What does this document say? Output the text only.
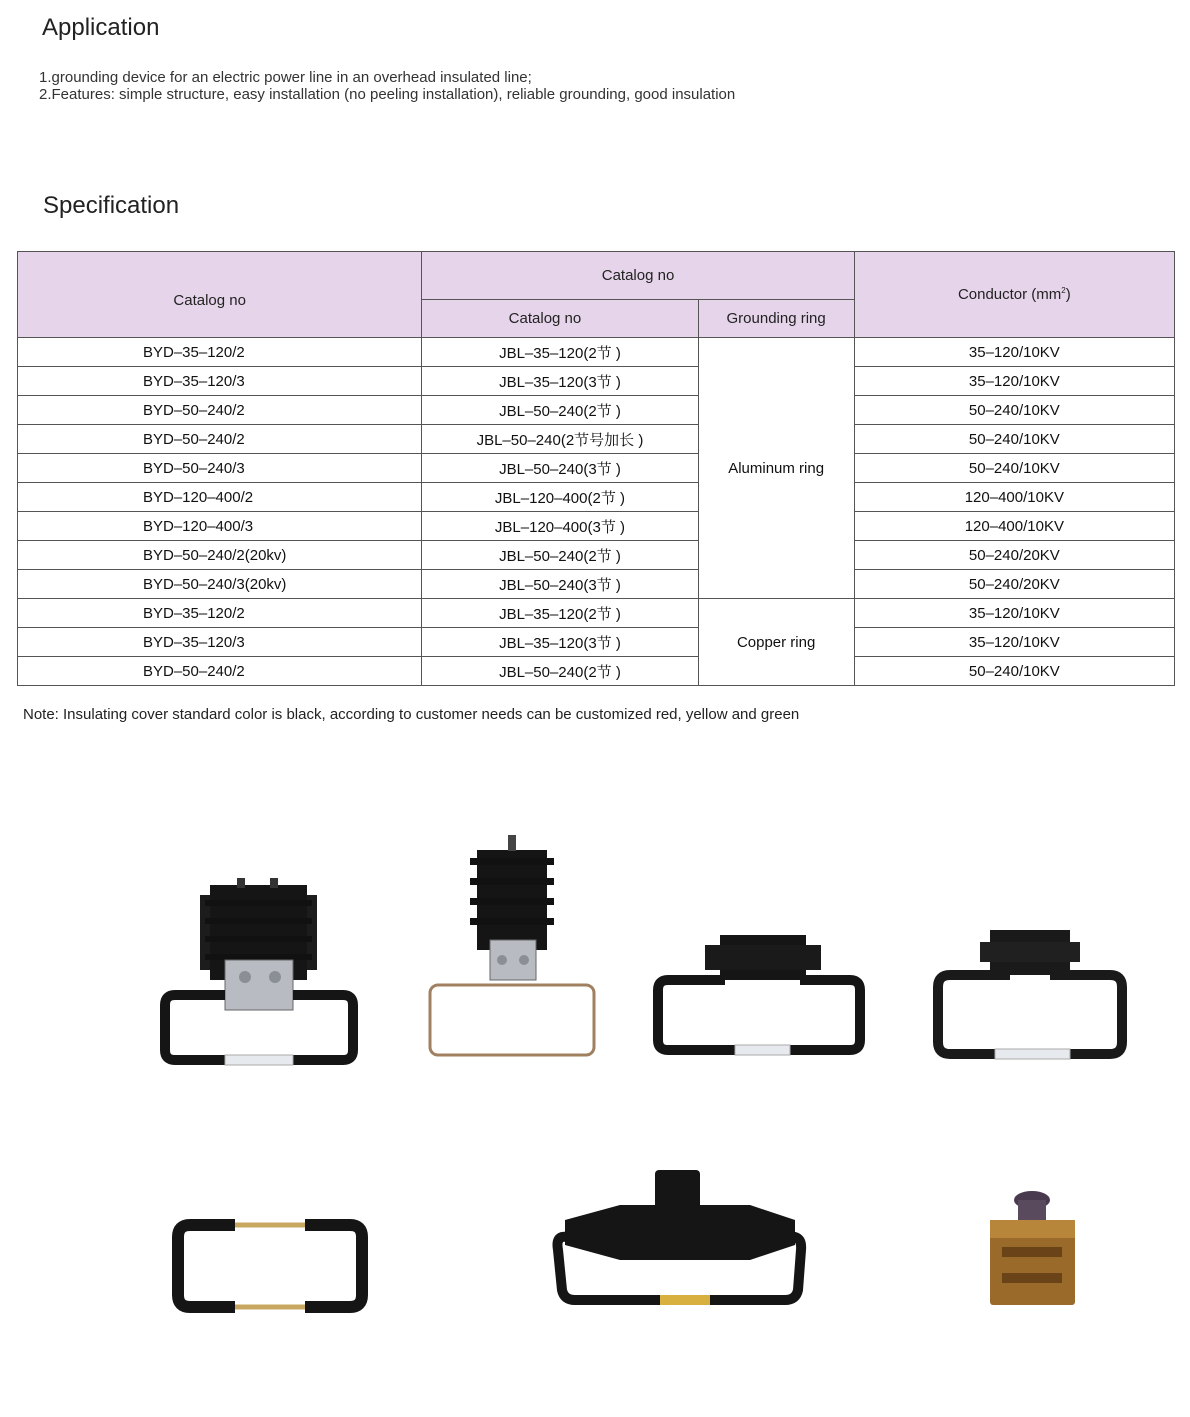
Application
1.grounding device for an electric power line in an overhead insulated line;
2.Features: simple structure, easy installation (no peeling installation), reliable grounding, good insulation
Specification
Catalog no	Catalog no		Conductor $(mm^2)$
	Catalog no	Grounding ring	
BYD–35–120/2	JBL–35–120(2节 )	Aluminum ring	35–120/10KV
BYD–35–120/3	JBL–35–120(3节 )		35–120/10KV
BYD–50–240/2	JBL–50–240(2节 )		50–240/10KV
BYD–50–240/2	JBL–50–240(2节号加长 )		50–240/10KV
BYD–50–240/3	JBL–50–240(3节 )		50–240/10KV
BYD–120–400/2	JBL–120–400(2节 )		120–400/10KV
BYD–120–400/3	JBL–120–400(3节 )		120–400/10KV
BYD–50–240/2(20kv)	JBL–50–240(2节 )		50–240/20KV
BYD–50–240/3(20kv)	JBL–50–240(3节 )		50–240/20KV
BYD–35–120/2	JBL–35–120(2节 )	Copper ring	35–120/10KV
BYD–35–120/3	JBL–35–120(3节 )		35–120/10KV
BYD–50–240/2	JBL–50–240(2节 )		50–240/10KV
Note: Insulating cover standard color is black, according to customer needs can be customized red, yellow and green
